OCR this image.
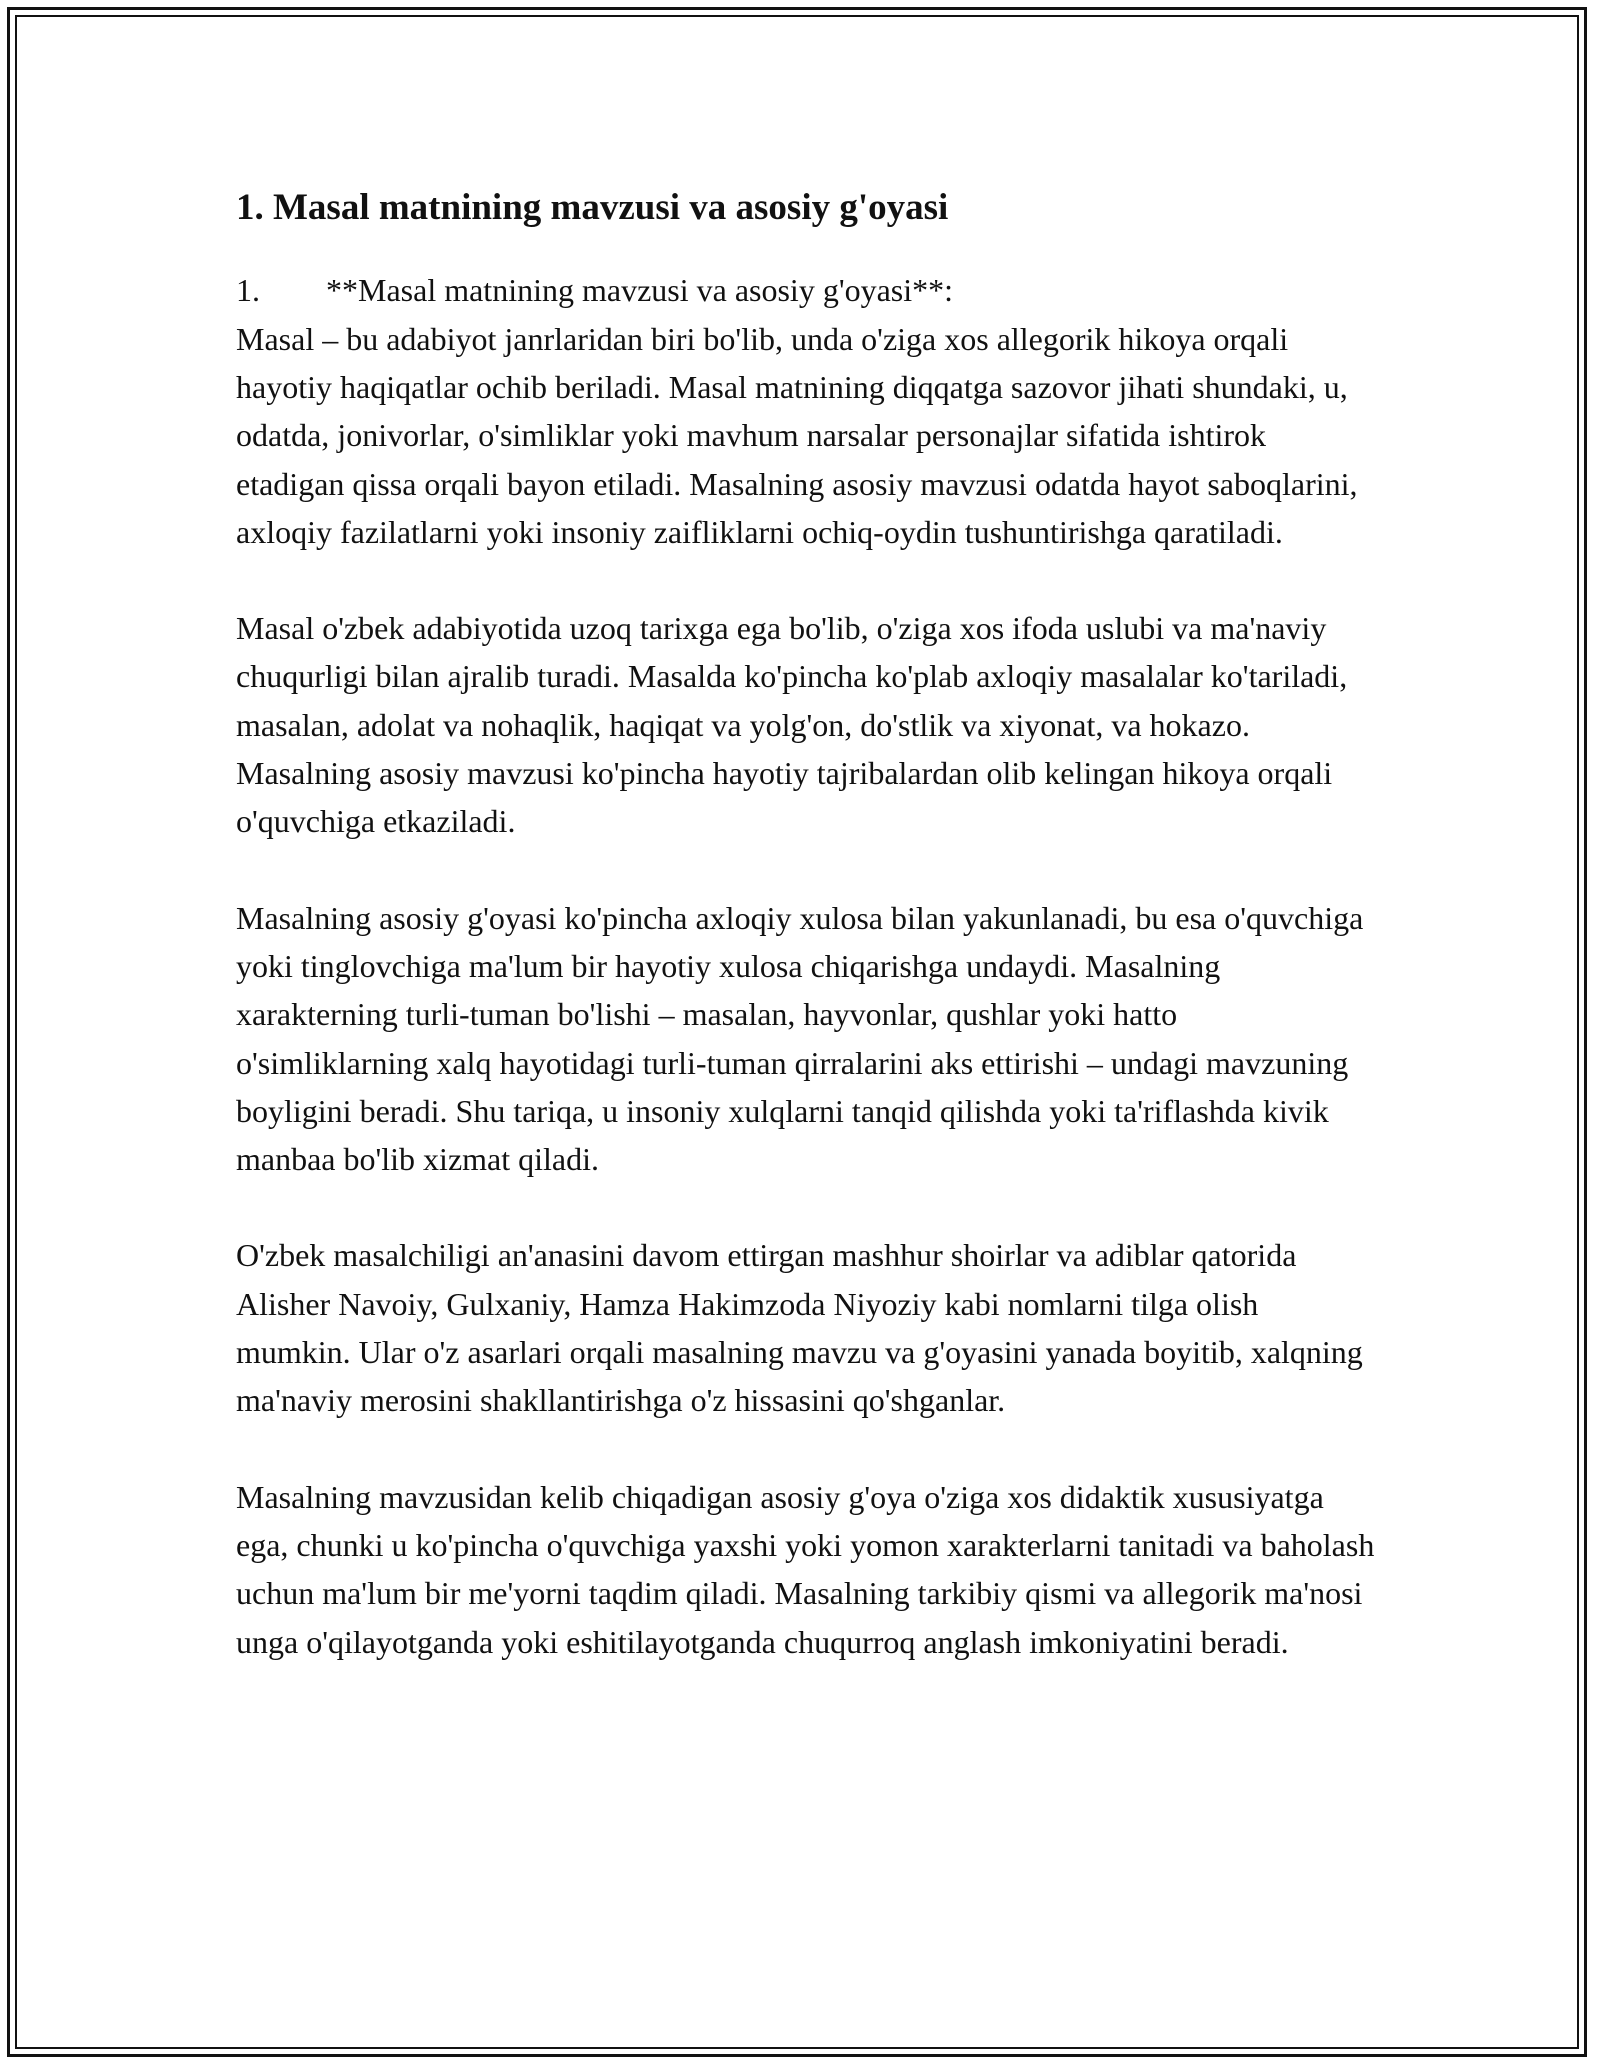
1. Masal matnining mavzusi va asosiy g'oyasi
1. **Masal matnining mavzusi va asosiy g'oyasi**:
Masal – bu adabiyot janrlaridan biri bo'lib, unda o'ziga xos allegorik hikoya orqali hayotiy haqiqatlar ochib beriladi. Masal matnining diqqatga sazovor jihati shundaki, u, odatda, jonivorlar, o'simliklar yoki mavhum narsalar personajlar sifatida ishtirok etadigan qissa orqali bayon etiladi. Masalning asosiy mavzusi odatda hayot saboqlarini, axloqiy fazilatlarni yoki insoniy zaifliklarni ochiq-oydin tushuntirishga qaratiladi.
Masal o'zbek adabiyotida uzoq tarixga ega bo'lib, o'ziga xos ifoda uslubi va ma'naviy chuqurligi bilan ajralib turadi. Masalda ko'pincha ko'plab axloqiy masalalar ko'tariladi, masalan, adolat va nohaqlik, haqiqat va yolg'on, do'stlik va xiyonat, va hokazo. Masalning asosiy mavzusi ko'pincha hayotiy tajribalardan olib kelingan hikoya orqali o'quvchiga etkaziladi.
Masalning asosiy g'oyasi ko'pincha axloqiy xulosa bilan yakunlanadi, bu esa o'quvchiga yoki tinglovchiga ma'lum bir hayotiy xulosa chiqarishga undaydi. Masalning xarakterning turli-tuman bo'lishi – masalan, hayvonlar, qushlar yoki hatto o'simliklarning xalq hayotidagi turli-tuman qirralarini aks ettirishi – undagi mavzuning boyligini beradi. Shu tariqa, u insoniy xulqlarni tanqid qilishda yoki ta'riflashda kivik manbaa bo'lib xizmat qiladi.
O'zbek masalchiligi an'anasini davom ettirgan mashhur shoirlar va adiblar qatorida Alisher Navoiy, Gulxaniy, Hamza Hakimzoda Niyoziy kabi nomlarni tilga olish mumkin. Ular o'z asarlari orqali masalning mavzu va g'oyasini yanada boyitib, xalqning ma'naviy merosini shakllantirishga o'z hissasini qo'shganlar.
Masalning mavzusidan kelib chiqadigan asosiy g'oya o'ziga xos didaktik xususiyatga ega, chunki u ko'pincha o'quvchiga yaxshi yoki yomon xarakterlarni tanitadi va baholash uchun ma'lum bir me'yorni taqdim qiladi. Masalning tarkibiy qismi va allegorik ma'nosi unga o'qilayotganda yoki eshitilayotganda chuqurroq anglash imkoniyatini beradi.
